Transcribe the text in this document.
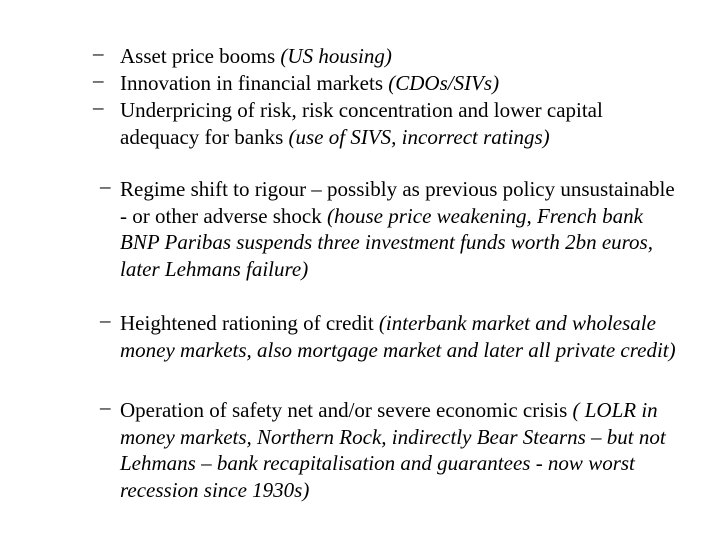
– Asset price booms (US housing)
– Innovation in financial markets (CDOs/SIVs)
– Underpricing of risk, risk concentration and lower capital adequacy for banks (use of SIVS, incorrect ratings)
– Regime shift to rigour – possibly as previous policy unsustainable - or other adverse shock (house price weakening, French bank BNP Paribas suspends three investment funds worth 2bn euros, later Lehmans failure)
– Heightened rationing of credit (interbank market and wholesale money markets, also mortgage market and later all private credit)
– Operation of safety net and/or severe economic crisis ( LOLR in money markets, Northern Rock, indirectly Bear Stearns – but not Lehmans – bank recapitalisation and guarantees - now worst recession since 1930s)
